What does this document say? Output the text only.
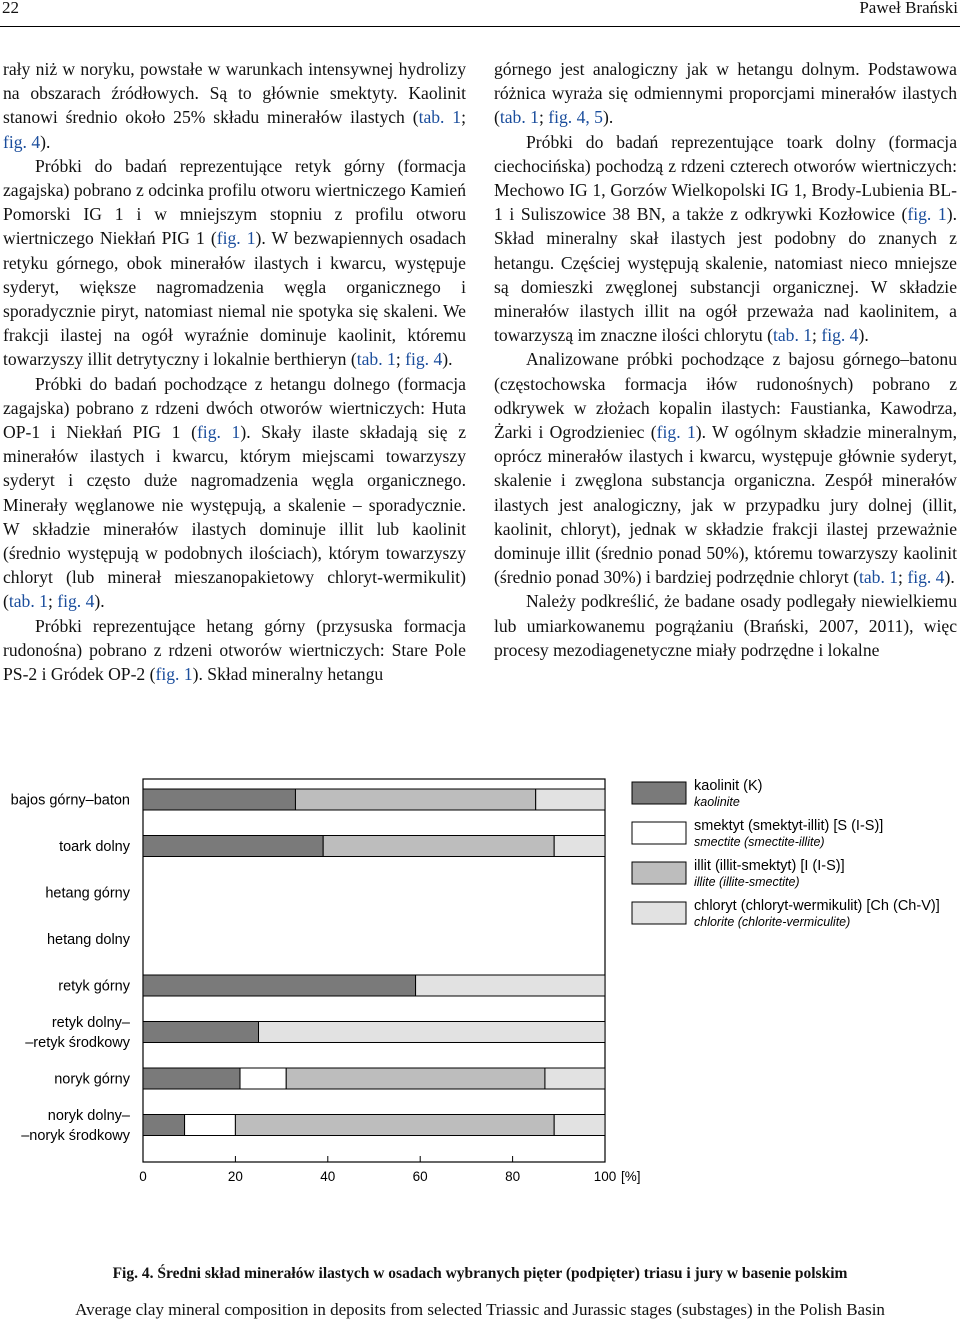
22	Paweł Brański

rały niż w noryku, powstałe w warunkach intensywnej hydrolizy na obszarach źródłowych. Są to głównie smektyty. Kaolinit stanowi średnio około 25% składu minerałów ilastych (tab. 1; fig. 4).

Próbki do badań reprezentujące retyk górny (formacja zagajska) pobrano z odcinka profilu otworu wiertniczego Kamień Pomorski IG 1 i w mniejszym stopniu z profilu otworu wiertniczego Niekłań PIG 1 (fig. 1). W bezwapiennych osadach retyku górnego, obok minerałów ilastych i kwarcu, występuje syderyt, większe nagromadzenia węgla organicznego i sporadycznie piryt, natomiast niemal nie spotyka się skaleni. We frakcji ilastej na ogół wyraźnie dominuje kaolinit, któremu towarzyszy illit detrytyczny i lokalnie berthieryn (tab. 1; fig. 4).

Próbki do badań pochodzące z hetangu dolnego (formacja zagajska) pobrano z rdzeni dwóch otworów wiertniczych: Huta OP-1 i Niekłań PIG 1 (fig. 1). Skały ilaste składają się z minerałów ilastych i kwarcu, którym miejscami towarzyszy syderyt i często duże nagromadzenia węgla organicznego. Minerały węglanowe nie występują, a skalenie – sporadycznie. W składzie minerałów ilastych dominuje illit lub kaolinit (średnio występują w podobnych ilościach), którym towarzyszy chloryt (lub minerał mieszanopakietowy chloryt-wermikulit) (tab. 1; fig. 4).

Próbki reprezentujące hetang górny (przysuska formacja rudonośna) pobrano z rdzeni otworów wiertniczych: Stare Pole PS-2 i Gródek OP-2 (fig. 1). Skład mineralny hetangu

górnego jest analogiczny jak w hetangu dolnym. Podstawowa różnica wyraża się odmiennymi proporcjami minerałów ilastych (tab. 1; fig. 4, 5).

Próbki do badań reprezentujące toark dolny (formacja ciechocińska) pochodzą z rdzeni czterech otworów wiertniczych: Mechowo IG 1, Gorzów Wielkopolski IG 1, Brody-Lubienia BL-1 i Suliszowice 38 BN, a także z odkrywki Kozłowice (fig. 1). Skład mineralny skał ilastych jest podobny do znanych z hetangu. Częściej występują skalenie, natomiast nieco mniejsze są domieszki zwęglonej substancji organicznej. W składzie minerałów ilastych illit na ogół przeważa nad kaolinitem, a towarzyszą im znaczne ilości chlorytu (tab. 1; fig. 4).

Analizowane próbki pochodzące z bajosu górnego–batonu (częstochowska formacja iłów rudonośnych) pobrano z odkrywek w złożach kopalin ilastych: Faustianka, Kawodrza, Żarki i Ogrodzieniec (fig. 1). W ogólnym składzie mineralnym, oprócz minerałów ilastych i kwarcu, występuje głównie syderyt, skalenie i zwęglona substancja organiczna. Zespół minerałów ilastych jest analogiczny, jak w przypadku jury dolnej (illit, kaolinit, chloryt), jednak w składzie frakcji ilastej przeważnie dominuje illit (średnio ponad 50%), któremu towarzyszy kaolinit (średnio ponad 30%) i bardziej podrzędnie chloryt (tab. 1; fig. 4).

Należy podkreślić, że badane osady podlegały niewielkiemu lub umiarkowanemu pogrążaniu (Brański, 2007, 2011), więc procesy mezodiagenetyczne miały podrzędne i lokalne

bajos górny–baton
toark dolny
hetang górny
hetang dolny
retyk górny
retyk dolny–
–retyk środkowy
noryk górny
noryk dolny–
–noryk środkowy
0	20	40	60	80	100 [%]
kaolinit (K)
kaolinite
smektyt (smektyt-illit) [S (I-S)]
smectite (smectite-illite)
illit (illit-smektyt) [I (I-S)]
illite (illite-smectite)
chloryt (chloryt-wermikulit) [Ch (Ch-V)]
chlorite (chlorite-vermiculite)
Fig. 4. Średni skład minerałów ilastych w osadach wybranych pięter (podpięter) triasu i jury w basenie polskim
Average clay mineral composition in deposits from selected Triassic and Jurassic stages (substages) in the Polish Basin
